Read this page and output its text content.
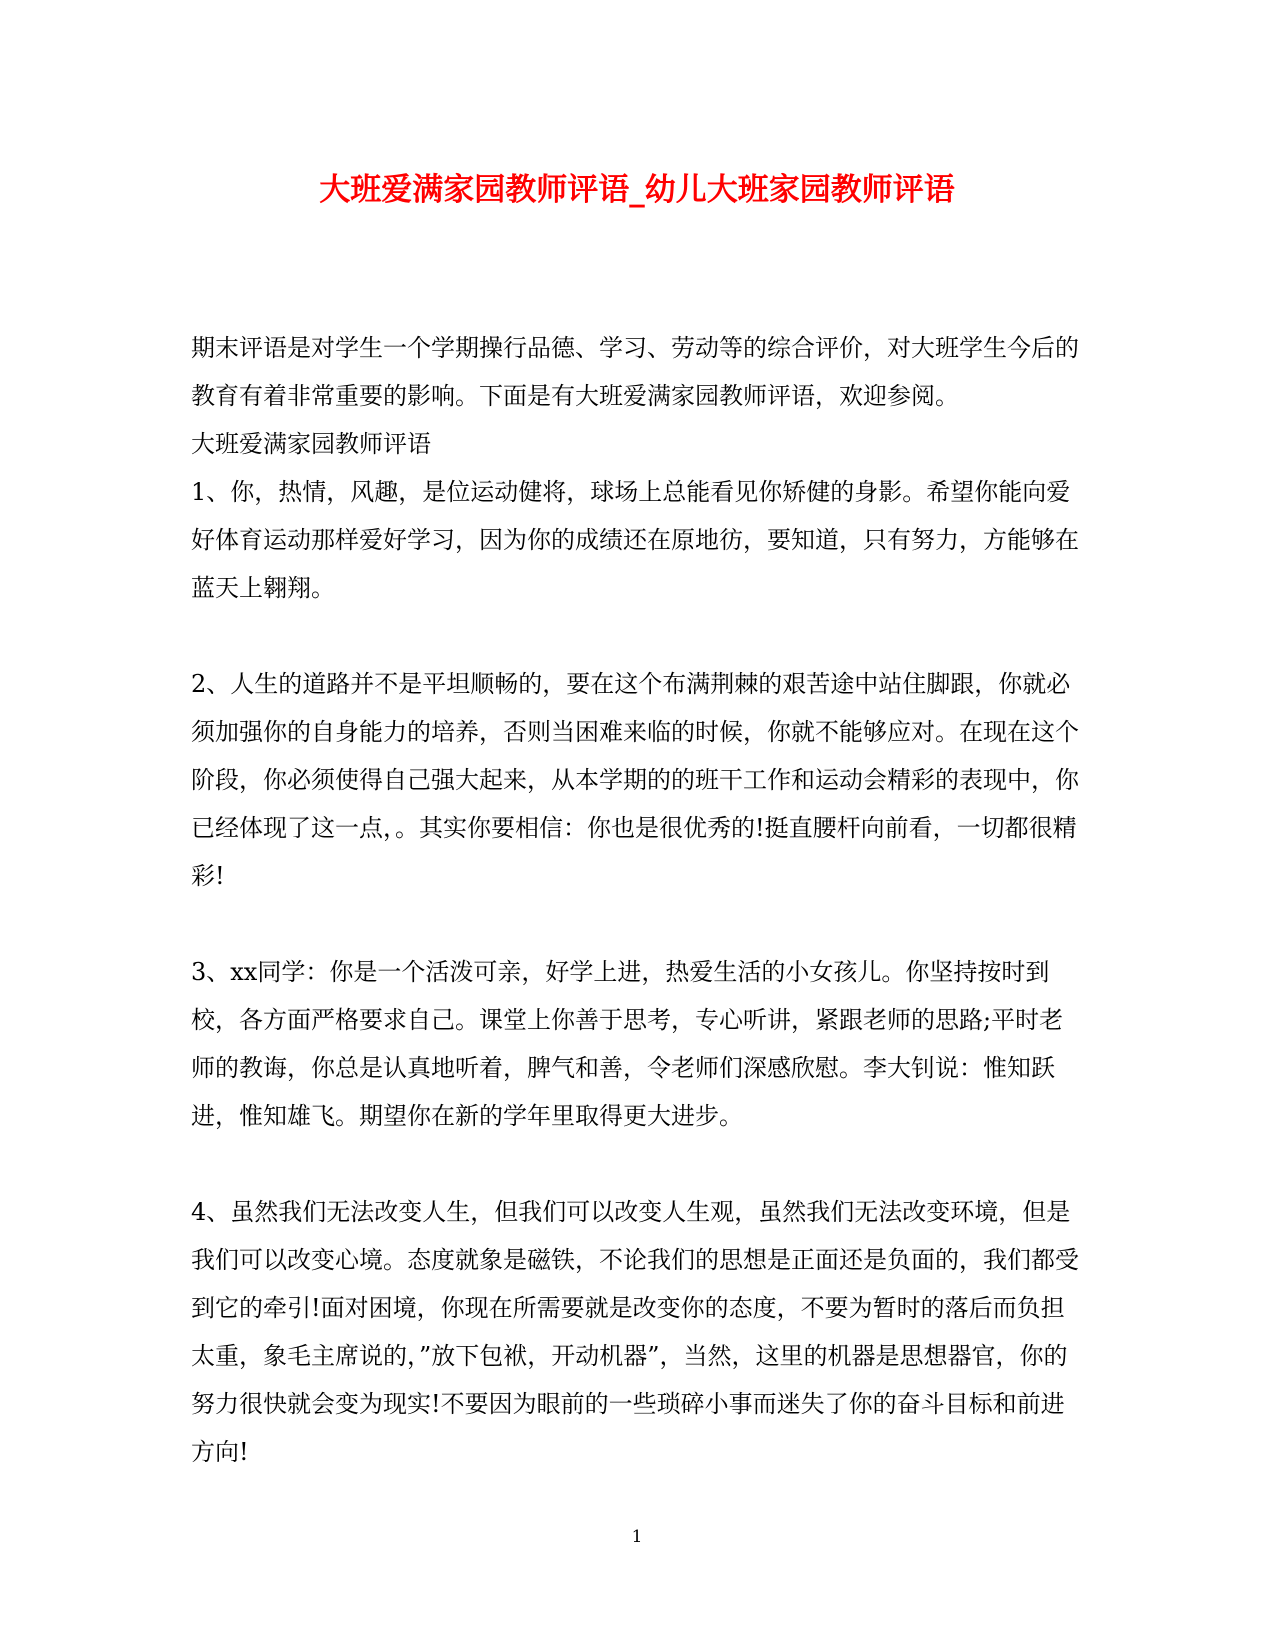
大班爱满家园教师评语_幼儿大班家园教师评语

期末评语是对学生一个学期操行品德、学习、劳动等的综合评价，对大班学生今后的教育有着非常重要的影响。下面是有大班爱满家园教师评语，欢迎参阅。

大班爱满家园教师评语

1、你，热情，风趣，是位运动健将，球场上总能看见你矫健的身影。希望你能向爱好体育运动那样爱好学习，因为你的成绩还在原地彷，要知道，只有努力，方能够在蓝天上翱翔。

2、人生的道路并不是平坦顺畅的，要在这个布满荆棘的艰苦途中站住脚跟，你就必须加强你的自身能力的培养，否则当困难来临的时候，你就不能够应对。在现在这个阶段，你必须使得自己强大起来，从本学期的的班干工作和运动会精彩的表现中，你已经体现了这一点，。其实你要相信：你也是很优秀的!挺直腰杆向前看，一切都很精彩!

3、xx同学：你是一个活泼可亲，好学上进，热爱生活的小女孩儿。你坚持按时到校，各方面严格要求自己。课堂上你善于思考，专心听讲，紧跟老师的思路;平时老师的教诲，你总是认真地听着，脾气和善，令老师们深感欣慰。李大钊说：惟知跃进，惟知雄飞。期望你在新的学年里取得更大进步。

4、虽然我们无法改变人生，但我们可以改变人生观，虽然我们无法改变环境，但是我们可以改变心境。态度就象是磁铁，不论我们的思想是正面还是负面的，我们都受到它的牵引!面对困境，你现在所需要就是改变你的态度，不要为暂时的落后而负担太重，象毛主席说的，”放下包袱，开动机器”，当然，这里的机器是思想器官，你的努力很快就会变为现实!不要因为眼前的一些琐碎小事而迷失了你的奋斗目标和前进方向!

1
